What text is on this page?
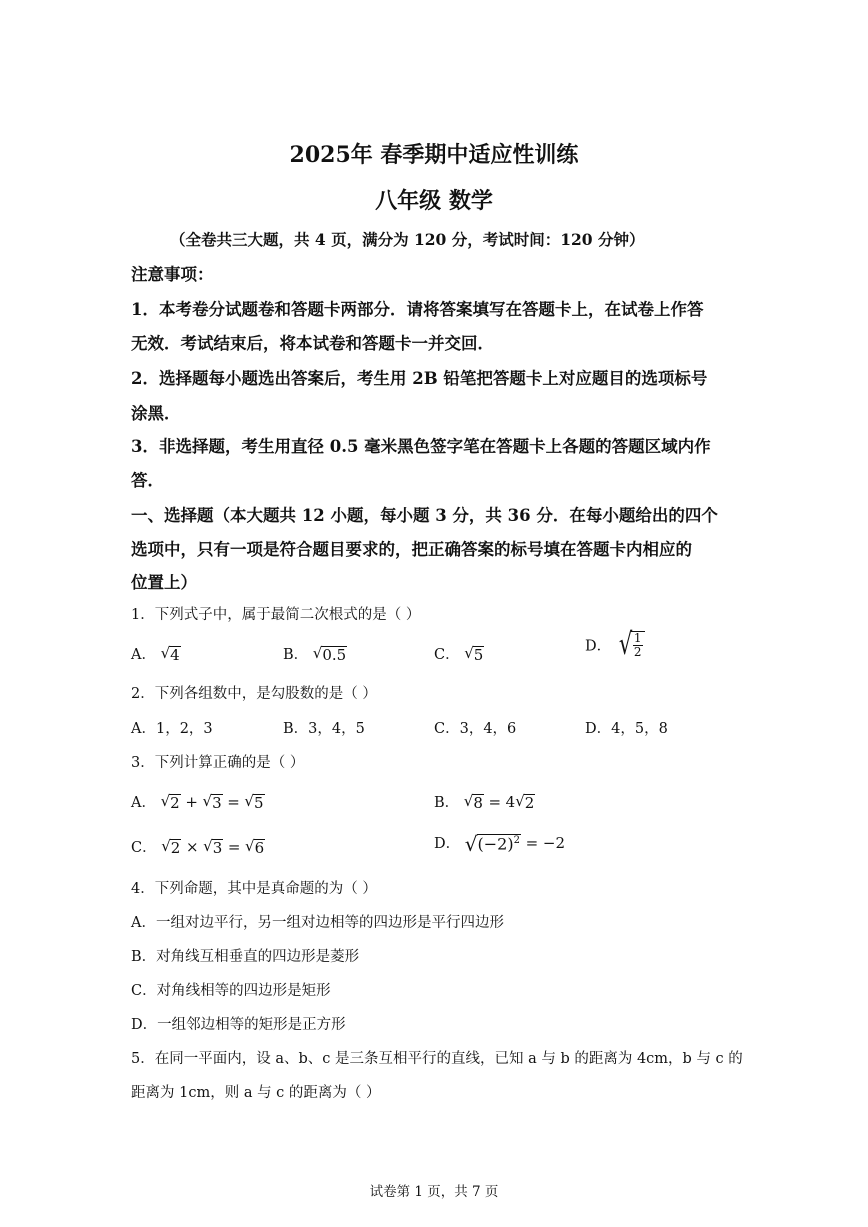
2025年 春季期中适应性训练
八年级 数学
（全卷共三大题，共 4 页，满分为 120 分，考试时间：120 分钟）
注意事项：
1．本考卷分试题卷和答题卡两部分．请将答案填写在答题卡上，在试卷上作答
无效．考试结束后，将本试卷和答题卡一并交回．
2．选择题每小题选出答案后，考生用 2B 铅笔把答题卡上对应题目的选项标号
涂黑．
3．非选择题，考生用直径 0.5 毫米黑色签字笔在答题卡上各题的答题区域内作
答．
一、选择题（本大题共 12 小题，每小题 3 分，共 36 分．在每小题给出的四个
选项中，只有一项是符合题目要求的，把正确答案的标号填在答题卡内相应的
位置上）
1．下列式子中，属于最简二次根式的是（ ）
A． √ 4	B． √ 0.5	C． √ 5	D． √ $\frac{1}{2}$
2．下列各组数中，是勾股数的是（ ）
A．1，2，3	B．3，4，5	C．3，4，6	D．4，5，8
3．下列计算正确的是（ ）
A． √ 2 + √ 3 = √ 5	B． √ 8 = 4 √ 2
C． √ 2 × √ 3 = √ 6	D． √ $(-2)^2 = -2$
4．下列命题，其中是真命题的为（ ）
A．一组对边平行，另一组对边相等的四边形是平行四边形
B．对角线互相垂直的四边形是菱形
C．对角线相等的四边形是矩形
D．一组邻边相等的矩形是正方形
5．在同一平面内，设 a、b、c 是三条互相平行的直线，已知 a 与 b 的距离为 4cm，b 与 c 的
距离为 1cm，则 a 与 c 的距离为（ ）
试卷第 1 页，共 7 页
